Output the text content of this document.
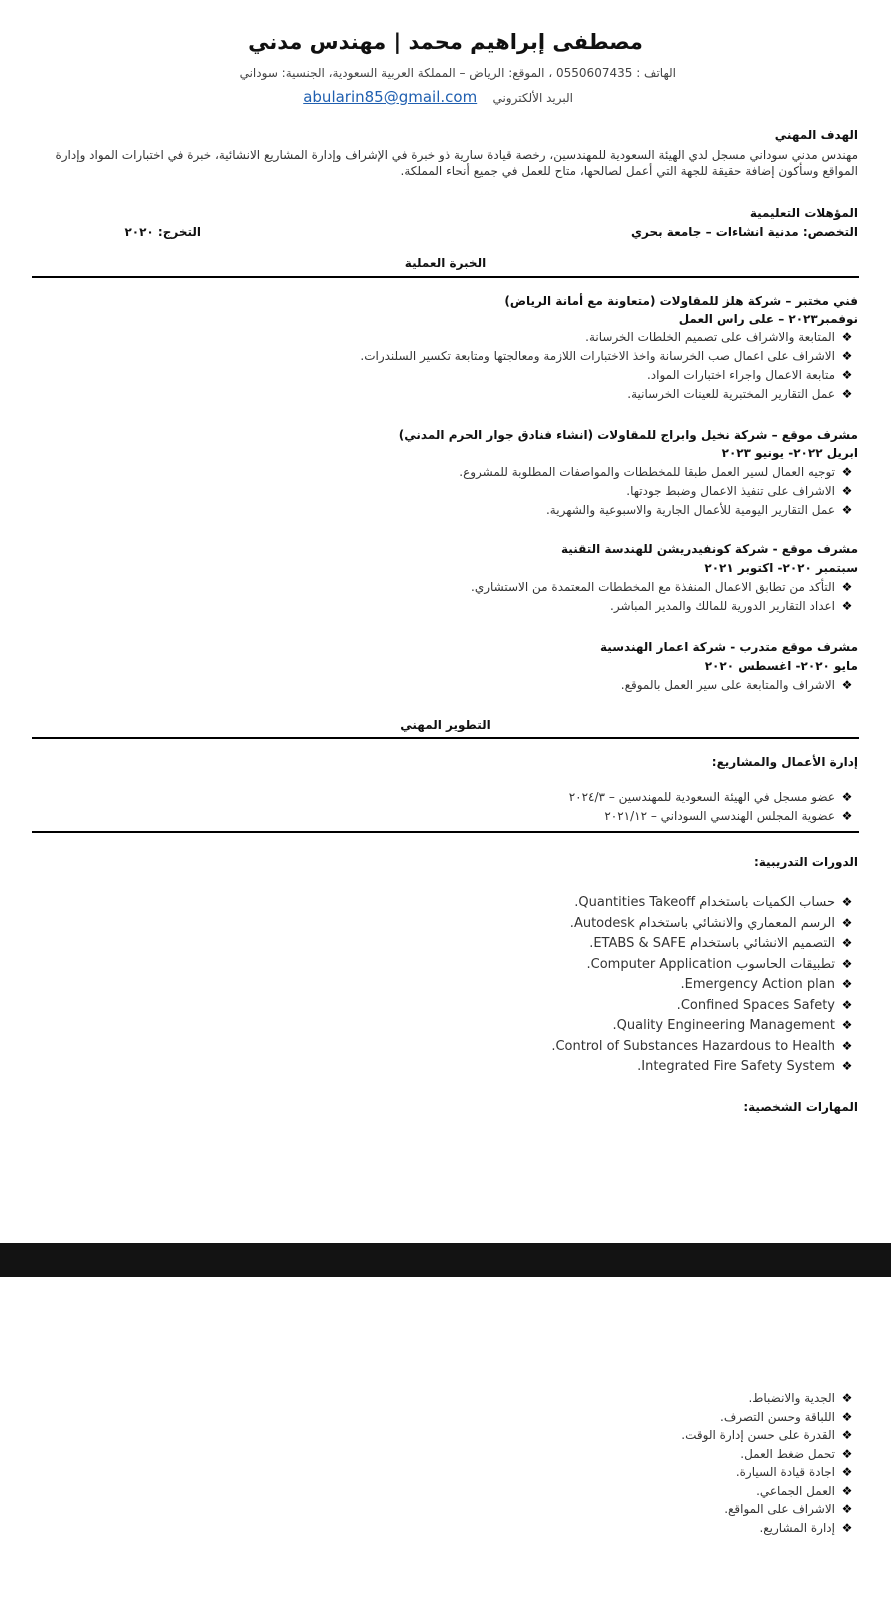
مصطفى إبراهيم محمد | مهندس مدني
الهاتف : 0550607435 ، الموقع: الرياض – المملكة العربية السعودية، الجنسية: سوداني
البريد الألكتروني    abularin85@gmail.com
الهدف المهني
مهندس مدني سوداني مسجل لدي الهيئة السعودية للمهندسين، رخصة قيادة سارية ذو خبرة في الإشراف وإدارة المشاريع الانشائية، خبرة في اختبارات المواد وإدارة المواقع وسأكون إضافة حقيقة للجهة التي أعمل لصالحها، متاح للعمل في جميع أنحاء المملكة.
المؤهلات التعليمية
التخصص: مدنية انشاءات – جامعة بحري
التخرج: ٢٠٢٠
الخبرة العملية
فني مختبر – شركة هلز للمقاولات (متعاونة مع أمانة الرياض)
نوفمبر٢٠٢٣ – على راس العمل
❖المتابعة والاشراف على تصميم الخلطات الخرسانة.
❖الاشراف على اعمال صب الخرسانة واخذ الاختبارات اللازمة ومعالجتها ومتابعة تكسير السلندرات.
❖متابعة الاعمال واجراء اختبارات المواد.
❖عمل التقارير المختبرية للعينات الخرسانية.
مشرف موقع – شركة نخيل وابراج للمقاولات (انشاء فنادق جوار الحرم المدني)
ابريل ٢٠٢٢- يونيو ٢٠٢٣
❖توجيه العمال لسير العمل طبقا للمخططات والمواصفات المطلوبة للمشروع.
❖الاشراف على تنفيذ الاعمال وضبط جودتها.
❖عمل التقارير اليومية للأعمال الجارية والاسبوعية والشهرية.
مشرف موقع - شركة كونفيدريشن للهندسة التقنية
سبتمبر ٢٠٢٠- اكتوبر ٢٠٢١
❖التأكد من تطابق الاعمال المنفذة مع المخططات المعتمدة من الاستشاري.
❖اعداد التقارير الدورية للمالك والمدير المباشر.
مشرف موقع متدرب - شركة اعمار الهندسية
مايو ٢٠٢٠- اغسطس ٢٠٢٠
❖الاشراف والمتابعة على سير العمل بالموقع.
التطوير المهني
إدارة الأعمال والمشاريع:
❖عضو مسجل في الهيئة السعودية للمهندسين – ٢٠٢٤/٣
❖عضوية المجلس الهندسي السوداني – ٢٠٢١/١٢
الدورات التدريبية:
❖حساب الكميات باستخدام Quantities Takeoff.
❖الرسم المعماري والانشائي باستخدام Autodesk.
❖التصميم الانشائي باستخدام ETABS & SAFE.
❖تطبيقات الحاسوب Computer Application.
❖Emergency Action plan.
❖Confined Spaces Safety.
❖Quality Engineering Management.
❖Control of Substances Hazardous to Health.
❖Integrated Fire Safety System.
المهارات الشخصية:
❖الجدية والانضباط.
❖اللباقة وحسن التصرف.
❖القدرة على حسن إدارة الوقت.
❖تحمل ضغط العمل.
❖اجادة قيادة السيارة.
❖العمل الجماعي.
❖الاشراف على المواقع.
❖إدارة المشاريع.
